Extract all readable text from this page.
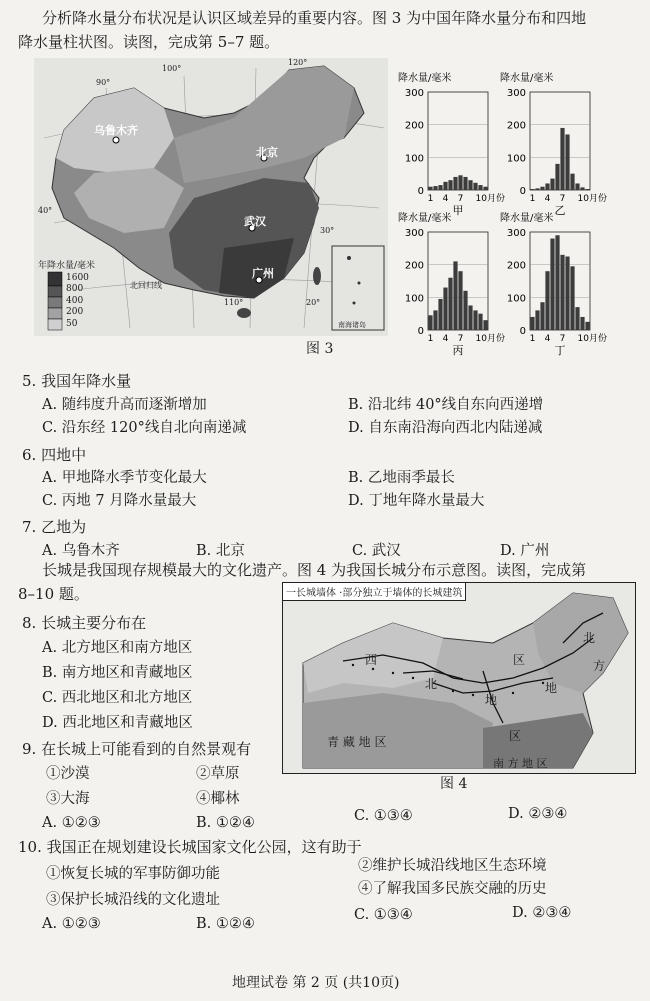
分析降水量分布状况是认识区域差异的重要内容。图 3 为中国年降水量分布和四地
降水量柱状图。读图，完成第 5–7 题。
年降水量/毫米
1600
800
400
200
50
乌鲁木齐
北京
武汉
广州
90°
100°
110°
120°
40°
30°
20°
北回归线
南海诸岛
图 3
降水量/毫米
300
200
100
0
1 4 7 10月份
甲
降水量/毫米
300
200
100
0
1 4 7 10月份
乙
降水量/毫米
300
200
100
0
1 4 7 10月份
丙
降水量/毫米
300
200
100
0
1 4 7 10月份
丁
5. 我国年降水量
A. 随纬度升高而逐渐增加	B. 沿北纬 40°线自东向西递增
C. 沿东经 120°线自北向南递减	D. 自东南沿海向西北内陆递减
6. 四地中
A. 甲地降水季节变化最大	B. 乙地雨季最长
C. 丙地 7 月降水量最大	D. 丁地年降水量最大
7. 乙地为
A. 乌鲁木齐	B. 北京	C. 武汉	D. 广州
长城是我国现存规模最大的文化遗产。图 4 为我国长城分布示意图。读图，完成第
8–10 题。
8. 长城主要分布在
A. 北方地区和南方地区
B. 南方地区和青藏地区
C. 西北地区和北方地区
D. 西北地区和青藏地区
一长城墙体 ·部分独立于墙体的长城建筑
西
北
地
区
北
方
地
区
青 藏 地 区
南 方 地 区
图 4
9. 在长城上可能看到的自然景观有
①沙漠	②草原
③大海	④椰林
A. ①②③	B. ①②④	C. ①③④	D. ②③④
10. 我国正在规划建设长城国家文化公园，这有助于
①恢复长城的军事防御功能	②维护长城沿线地区生态环境
③保护长城沿线的文化遗址
④了解我国多民族交融的历史
A. ①②③	B. ①②④
C. ①③④	D. ②③④
地理试卷 第 2 页 (共10页)
